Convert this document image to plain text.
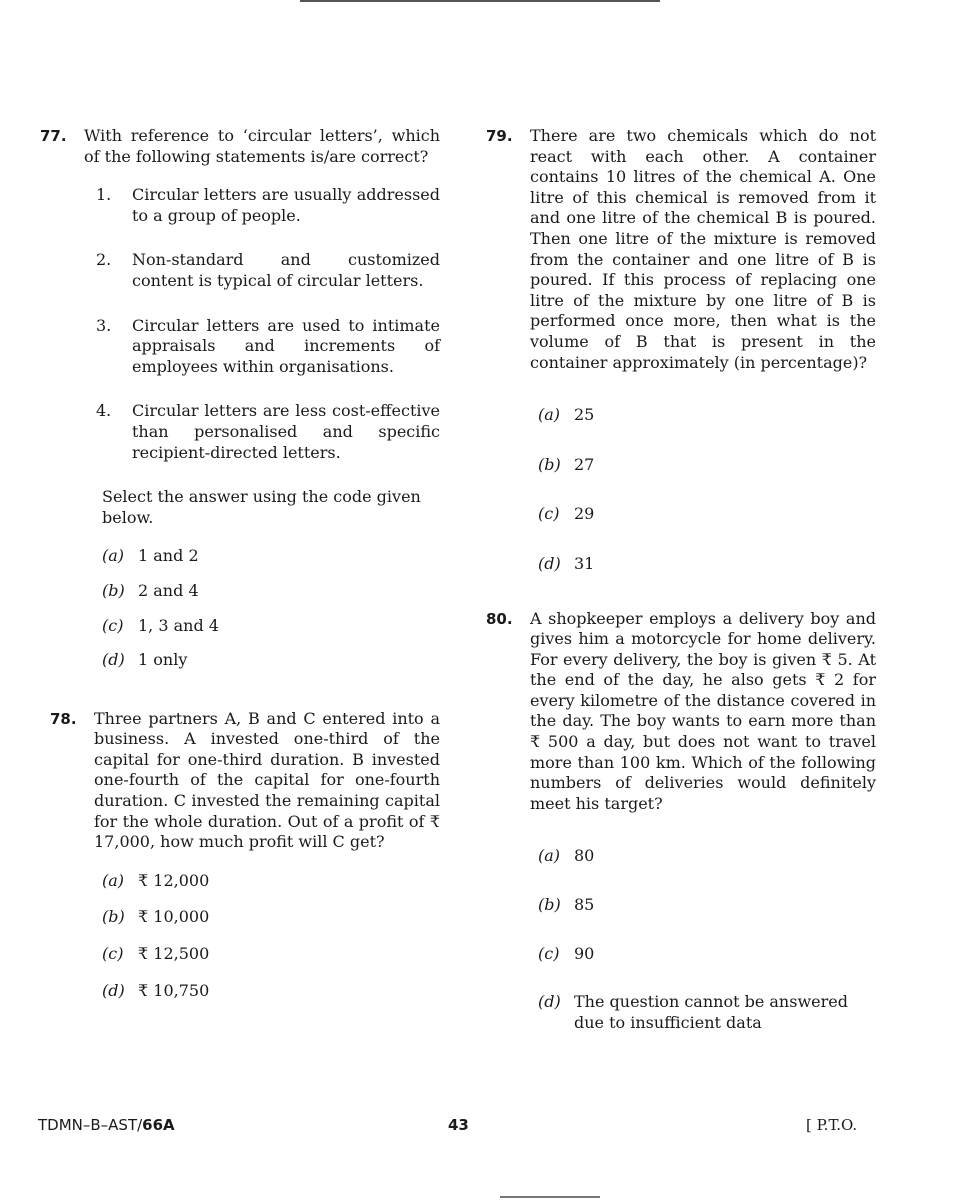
77.	With reference to ‘circular letters’, which of the following statements is/are correct?
1.	Circular letters are usually addressed to a group of people.
2.	Non-standard and customized content is typical of circular letters.
3.	Circular letters are used to intimate appraisals and increments of employees within organisations.
4.	Circular letters are less cost-effective than personalised and specific recipient-directed letters.
Select the answer using the code given below.
(a) 1 and 2
(b) 2 and 4
(c) 1, 3 and 4
(d) 1 only
78.	Three partners A, B and C entered into a business. A invested one-third of the capital for one-third duration. B invested one-fourth of the capital for one-fourth duration. C invested the remaining capital for the whole duration. Out of a profit of ₹ 17,000, how much profit will C get?
(a) ₹ 12,000
(b) ₹ 10,000
(c) ₹ 12,500
(d) ₹ 10,750
79.	There are two chemicals which do not react with each other. A container contains 10 litres of the chemical A. One litre of this chemical is removed from it and one litre of the chemical B is poured. Then one litre of the mixture is removed from the container and one litre of B is poured. If this process of replacing one litre of the mixture by one litre of B is performed once more, then what is the volume of B that is present in the container approximately (in percentage)?
(a) 25
(b) 27
(c) 29
(d) 31
80.	A shopkeeper employs a delivery boy and gives him a motorcycle for home delivery. For every delivery, the boy is given ₹ 5. At the end of the day, he also gets ₹ 2 for every kilometre of the distance covered in the day. The boy wants to earn more than ₹ 500 a day, but does not want to travel more than 100 km. Which of the following numbers of deliveries would definitely meet his target?
(a) 80
(b) 85
(c) 90
(d) The question cannot be answered due to insufficient data
TDMN–B–AST/66A	43	[ P.T.O.
